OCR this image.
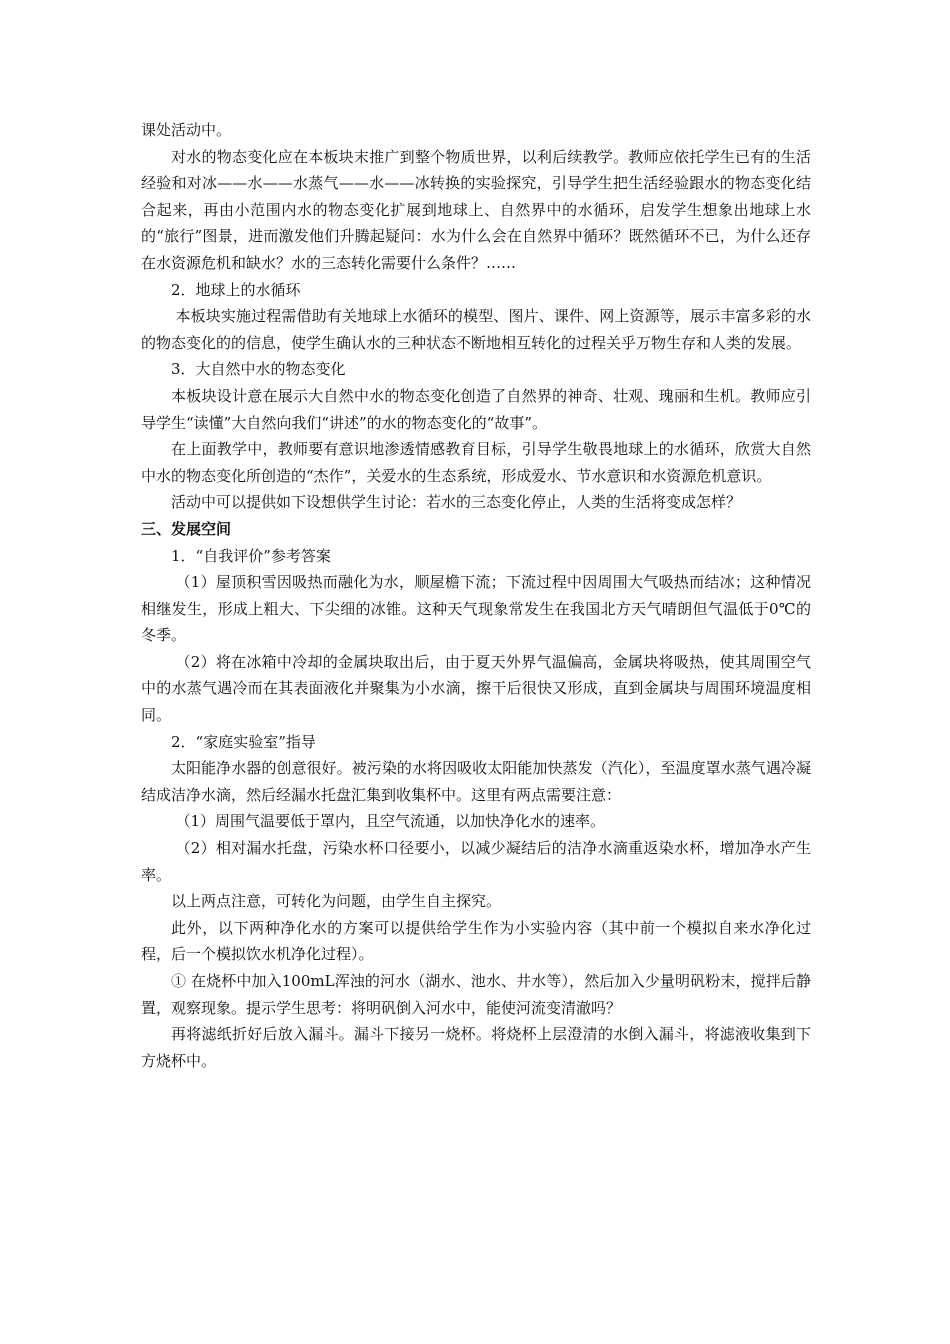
课处活动中。

对水的物态变化应在本板块末推广到整个物质世界，以利后续教学。教师应依托学生已有的生活经验和对冰——水——水蒸气——水——冰转换的实验探究，引导学生把生活经验跟水的物态变化结合起来，再由小范围内水的物态变化扩展到地球上、自然界中的水循环，启发学生想象出地球上水的“旅行”图景，进而激发他们升腾起疑问：水为什么会在自然界中循环？既然循环不已，为什么还存在水资源危机和缺水？水的三态转化需要什么条件？……

2．地球上的水循环

本板块实施过程需借助有关地球上水循环的模型、图片、课件、网上资源等，展示丰富多彩的水的物态变化的的信息，使学生确认水的三种状态不断地相互转化的过程关乎万物生存和人类的发展。

3．大自然中水的物态变化

本板块设计意在展示大自然中水的物态变化创造了自然界的神奇、壮观、瑰丽和生机。教师应引导学生“读懂”大自然向我们“讲述”的水的物态变化的“故事”。

在上面教学中，教师要有意识地渗透情感教育目标，引导学生敬畏地球上的水循环，欣赏大自然中水的物态变化所创造的“杰作”，关爱水的生态系统，形成爱水、节水意识和水资源危机意识。

活动中可以提供如下设想供学生讨论：若水的三态变化停止，人类的生活将变成怎样？

三、发展空间

1．“自我评价”参考答案

（1）屋顶积雪因吸热而融化为水，顺屋檐下流；下流过程中因周围大气吸热而结冰；这种情况相继发生，形成上粗大、下尖细的冰锥。这种天气现象常发生在我国北方天气晴朗但气温低于0℃的冬季。

（2）将在冰箱中冷却的金属块取出后，由于夏天外界气温偏高，金属块将吸热，使其周围空气中的水蒸气遇冷而在其表面液化并聚集为小水滴，擦干后很快又形成，直到金属块与周围环境温度相同。

2．“家庭实验室”指导

太阳能净水器的创意很好。被污染的水将因吸收太阳能加快蒸发（汽化），至温度罩水蒸气遇冷凝结成洁净水滴，然后经漏水托盘汇集到收集杯中。这里有两点需要注意：

（1）周围气温要低于罩内，且空气流通，以加快净化水的速率。

（2）相对漏水托盘，污染水杯口径要小，以减少凝结后的洁净水滴重返染水杯，增加净水产生率。

以上两点注意，可转化为问题，由学生自主探究。

此外，以下两种净化水的方案可以提供给学生作为小实验内容（其中前一个模拟自来水净化过程，后一个模拟饮水机净化过程）。

① 在烧杯中加入100mL浑浊的河水（湖水、池水、井水等），然后加入少量明矾粉末，搅拌后静置，观察现象。提示学生思考：将明矾倒入河水中，能使河流变清澈吗？

再将滤纸折好后放入漏斗。漏斗下接另一烧杯。将烧杯上层澄清的水倒入漏斗，将滤液收集到下方烧杯中。
